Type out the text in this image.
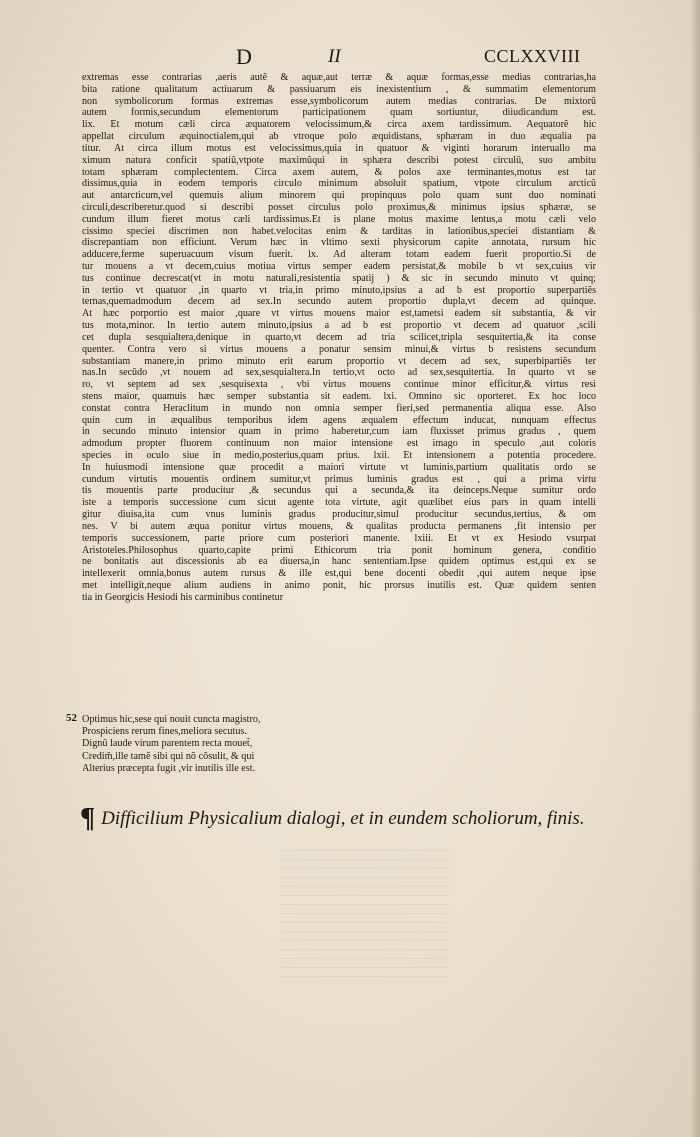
D	II	CCLXXVIII
extremas esse contrarias ,aeris autẽ & aquæ,aut terræ & aquæ formas,esse medias contrarias,ha
bita ratione qualitatum actiuarum & passiuarum eis inexistentium , & summatim elementorum
non symbolicorum formas extremas esse,symbolicorum autem medias contrarias. De mixtorũ
autem formis,secundum elementorum participationem quam sortiuntur, diiudicandum est.
lix. Et motum cæli circa æquatorem velocissimum,& circa axem tardissimum. Aequatorẽ hic
appellat circulum æquinoctialem,qui ab vtroque polo æquidistans, sphæram in duo æqualia pa
titur. At circa illum motus est velocissimus,quia in quatuor & viginti horarum interuallo ma
ximum natura conficit spatiũ,vtpote maximũquì in sphæra describi potest circulũ, suo ambitu
totam sphæram complectentem. Circa axem autem, & polos axe terminantes,motus est tar
dissimus,quia in eodem temporis circulo minimum absoluit spatium, vtpote circulum arcticũ
aut antarcticum,vel quemuis alium minorem qui propinquus polo quam sunt duo nominati
circuli,describeretur.quod si describi posset circulus polo proximus,& minimus ipsius sphæræ, se
cundum illum fieret motus cæli tardissimus.Et is plane motus maxime lentus,a motu cæli velo
cissimo speciei discrimen non habet.velocitas enim & tarditas in lationibus,speciei distantiam &
discrepantiam non efficiunt. Verum hæc in vltimo sexti physicorum capite annotata, rursum hic
adducere,ferme superuacuum visum fuerit. lx. Ad alteram totam eadem fuerit proportio.Si de
tur mouens a vt decem,cuius motiua virtus semper eadem persistat,& mobile b vt sex,cuius vir
tus continue decrescat(vt in motu naturali,resistentia spatij ) & sic in secundo minuto vt quinq;
in tertio vt quatuor ,in quarto vt tria,in primo minuto,ipsius a ad b est proportio superpartiẽs
ternas,quemadmodum decem ad sex.In secundo autem proportio dupla,vt decem ad quinque.
At hæc porportio est maior ,quare vt virtus mouens maior est,tametsi eadem sit substantia, & vir
tus mota,minor. In tertio autem minuto,ipsius a ad b est proportio vt decem ad quatuor ,scili
cet dupla sesquialtera,denique in quarto,vt decem ad tria scilicet,tripla sesquitertia,& ita conse
quenter. Contra vero si virtus mouens a ponatur sensim minui,& virtus b resistens secundum
substantiam manere,in primo minuto erit earum proportio vt decem ad sex, superbipartiẽs ter
nas.In secũdo ,vt nouem ad sex,sesquialtera.In tertio,vt octo ad sex,sesquitertia. In quarto vt se
ro, vt septem ad sex ,sesquisexta , vbi virtus mouens continue minor efficitur,& virtus resi
stens maior, quamuis hæc semper substantia sit eadem. lxi. Omnino sic oporteret. Ex hoc loco
constat contra Heraclitum in mundo non omnia semper fieri,sed permanentia aliqua esse. Also
quin cum in æqualibus temporibus idem agens æqualem effectum inducat, nunquam effectus
in secundo minuto intensior quam in primo haberetur,cum iam fluxisset primus gradus , quem
admodum propter fluorem continuum non maior intensione est imago in speculo ,aut coloris
species in oculo siue in medio,posterius,quam prius. lxii. Et intensionem a potentia procedere.
In huiusmodi intensione quæ procedit a maiori virtute vt luminis,partium qualitatis ordo se
cundum virtutis mouentis ordinem sumitur,vt primus luminis gradus est , qui a prima virtu
tis mouentis parte producitur ,& secundus qui a secunda,& ita deinceps.Neque sumitur ordo
iste a temporis successione cum sicut agente tota virtute, agit quælibet eius pars in quam intelli
gitur diuisa,ita cum vnus luminis gradus producitur,simul producitur secundus,tertius, & om
nes. V bi autem æqua ponitur virtus mouens, & qualitas producta permanens ,fit intensio per
temporis successionem, parte priore cum posteriori manente. lxiii. Et vt ex Hesiodo vsurpat
Aristoteles.Philosophus quarto,capite primi Ethicorum tria ponit hominum genera, conditio
ne bonitatis aut discessionis ab ea diuersa,in hanc sententiam.Ipse quidem optimus est,qui ex se
intellexerit omnia,bonus autem rursus & ille est,qui bene docenti obedit ,qui autem neque ipse
met intelligit,neque alium audiens in animo ponit, hic prorsus inutilis est. Quæ quidem senten
tia in Georgicis Hesiodi his carminibus continetur
52 Optimus hic,sese qui nouit cuncta magistro,
Prospiciens rerum fines,meliora secutus.
Dignũ laude virum parentem recta mouet̃,
Credim̃,ille tamẽ sibi qui nõ cõsulit, & qui
Alterius præcepta fugit ,vir inutilis ille est.
¶ Difficilium Physicalium dialogi, et in eundem scholiorum, finis.
